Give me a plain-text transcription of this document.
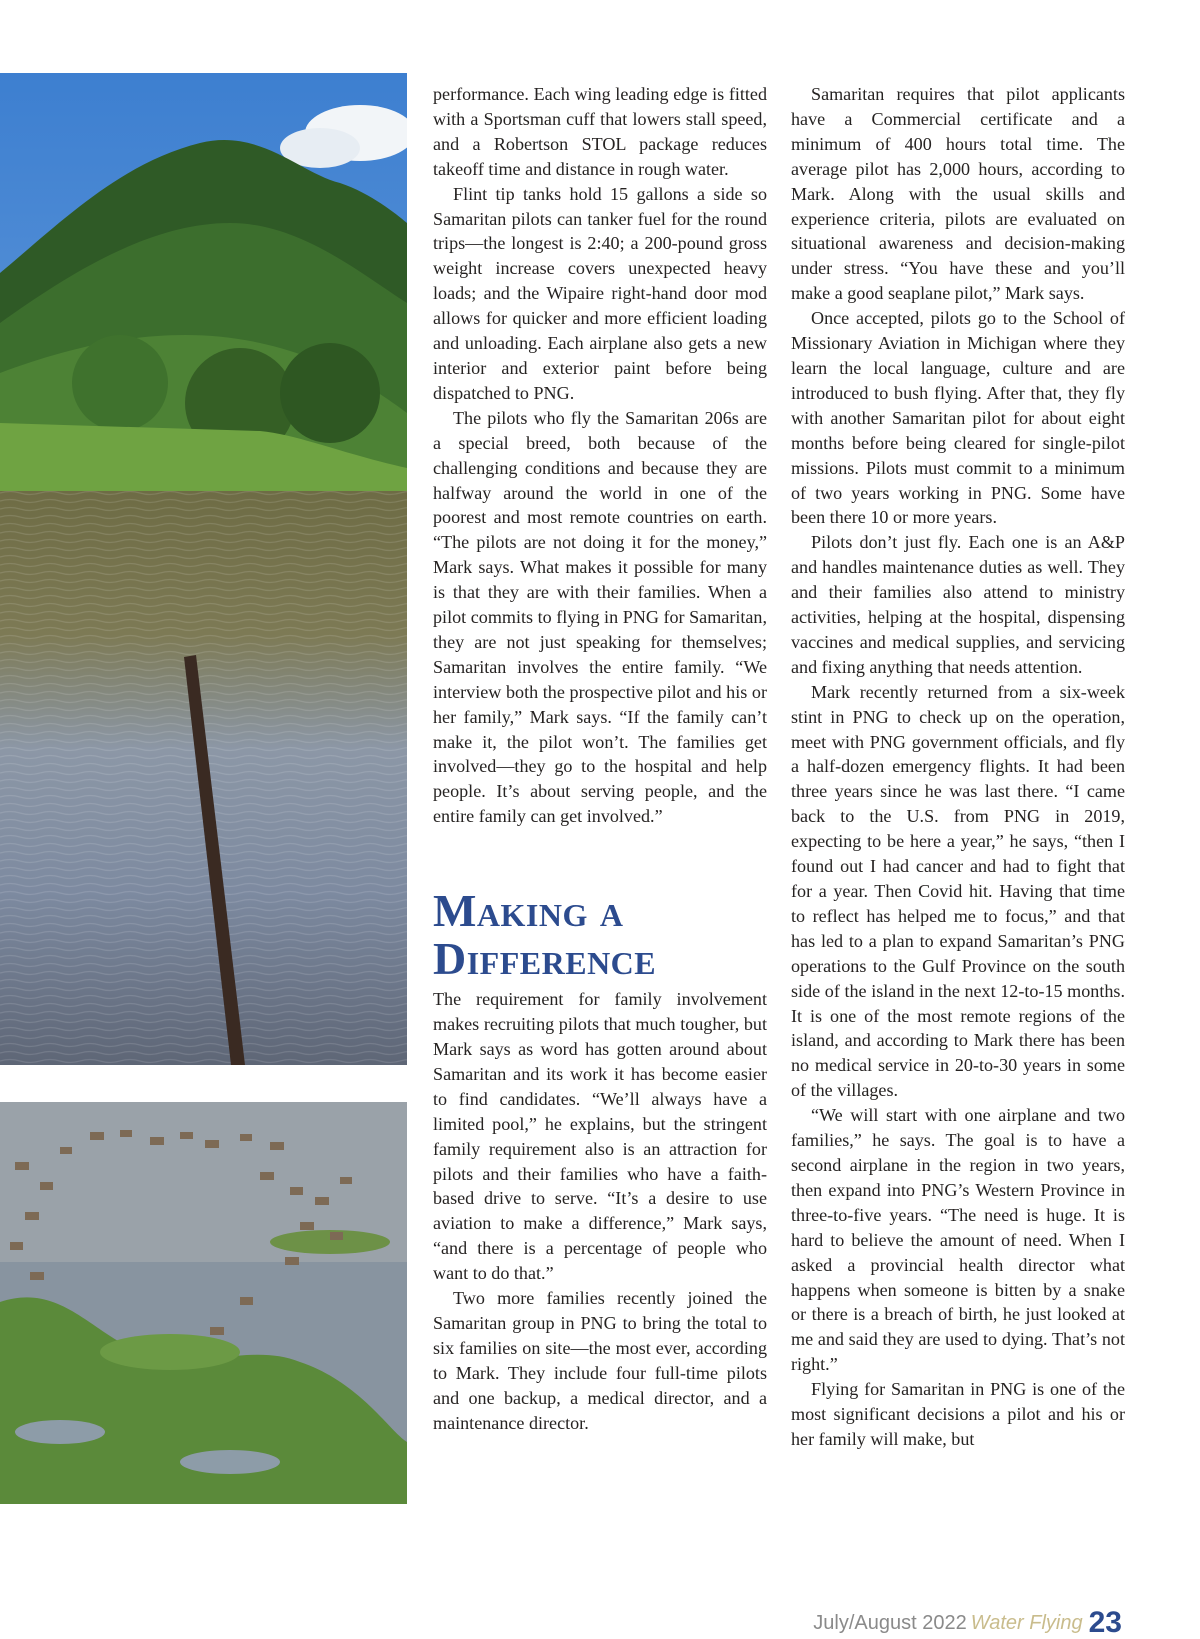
performance. Each wing leading edge is fitted with a Sportsman cuff that lowers stall speed, and a Robertson STOL package reduces takeoff time and distance in rough water.

Flint tip tanks hold 15 gallons a side so Samaritan pilots can tanker fuel for the round trips—the longest is 2:40; a 200-pound gross weight increase covers unexpected heavy loads; and the Wipaire right-hand door mod allows for quicker and more efficient loading and unloading. Each airplane also gets a new interior and exterior paint before being dispatched to PNG.

The pilots who fly the Samaritan 206s are a special breed, both because of the challenging conditions and because they are halfway around the world in one of the poorest and most remote countries on earth. “The pilots are not doing it for the money,” Mark says. What makes it possible for many is that they are with their families. When a pilot commits to flying in PNG for Samaritan, they are not just speaking for themselves; Samaritan involves the entire family. “We interview both the prospective pilot and his or her family,” Mark says. “If the family can’t make it, the pilot won’t. The families get involved—they go to the hospital and help people. It’s about serving people, and the entire family can get involved.”

Making a Difference

The requirement for family involvement makes recruiting pilots that much tougher, but Mark says as word has gotten around about Samaritan and its work it has become easier to find candidates. “We’ll always have a limited pool,” he explains, but the stringent family requirement also is an attraction for pilots and their families who have a faith-based drive to serve. “It’s a desire to use aviation to make a difference,” Mark says, “and there is a percentage of people who want to do that.”

Two more families recently joined the Samaritan group in PNG to bring the total to six families on site—the most ever, according to Mark. They include four full-time pilots and one backup, a medical director, and a maintenance director.

Samaritan requires that pilot applicants have a Commercial certificate and a minimum of 400 hours total time. The average pilot has 2,000 hours, according to Mark. Along with the usual skills and experience criteria, pilots are evaluated on situational awareness and decision-making under stress. “You have these and you’ll make a good seaplane pilot,” Mark says.

Once accepted, pilots go to the School of Missionary Aviation in Michigan where they learn the local language, culture and are introduced to bush flying. After that, they fly with another Samaritan pilot for about eight months before being cleared for single-pilot missions. Pilots must commit to a minimum of two years working in PNG. Some have been there 10 or more years.

Pilots don’t just fly. Each one is an A&P and handles maintenance duties as well. They and their families also attend to ministry activities, helping at the hospital, dispensing vaccines and medical supplies, and servicing and fixing anything that needs attention.

Mark recently returned from a six-week stint in PNG to check up on the operation, meet with PNG government officials, and fly a half-dozen emergency flights. It had been three years since he was last there. “I came back to the U.S. from PNG in 2019, expecting to be here a year,” he says, “then I found out I had cancer and had to fight that for a year. Then Covid hit. Having that time to reflect has helped me to focus,” and that has led to a plan to expand Samaritan’s PNG operations to the Gulf Province on the south side of the island in the next 12-to-15 months. It is one of the most remote regions of the island, and according to Mark there has been no medical service in 20-to-30 years in some of the villages.

“We will start with one airplane and two families,” he says. The goal is to have a second airplane in the region in two years, then expand into PNG’s Western Province in three-to-five years. “The need is huge. It is hard to believe the amount of need. When I asked a provincial health director what happens when someone is bitten by a snake or there is a breach of birth, he just looked at me and said they are used to dying. That’s not right.”

Flying for Samaritan in PNG is one of the most significant decisions a pilot and his or her family will make, but

July/August 2022 Water Flying 23
